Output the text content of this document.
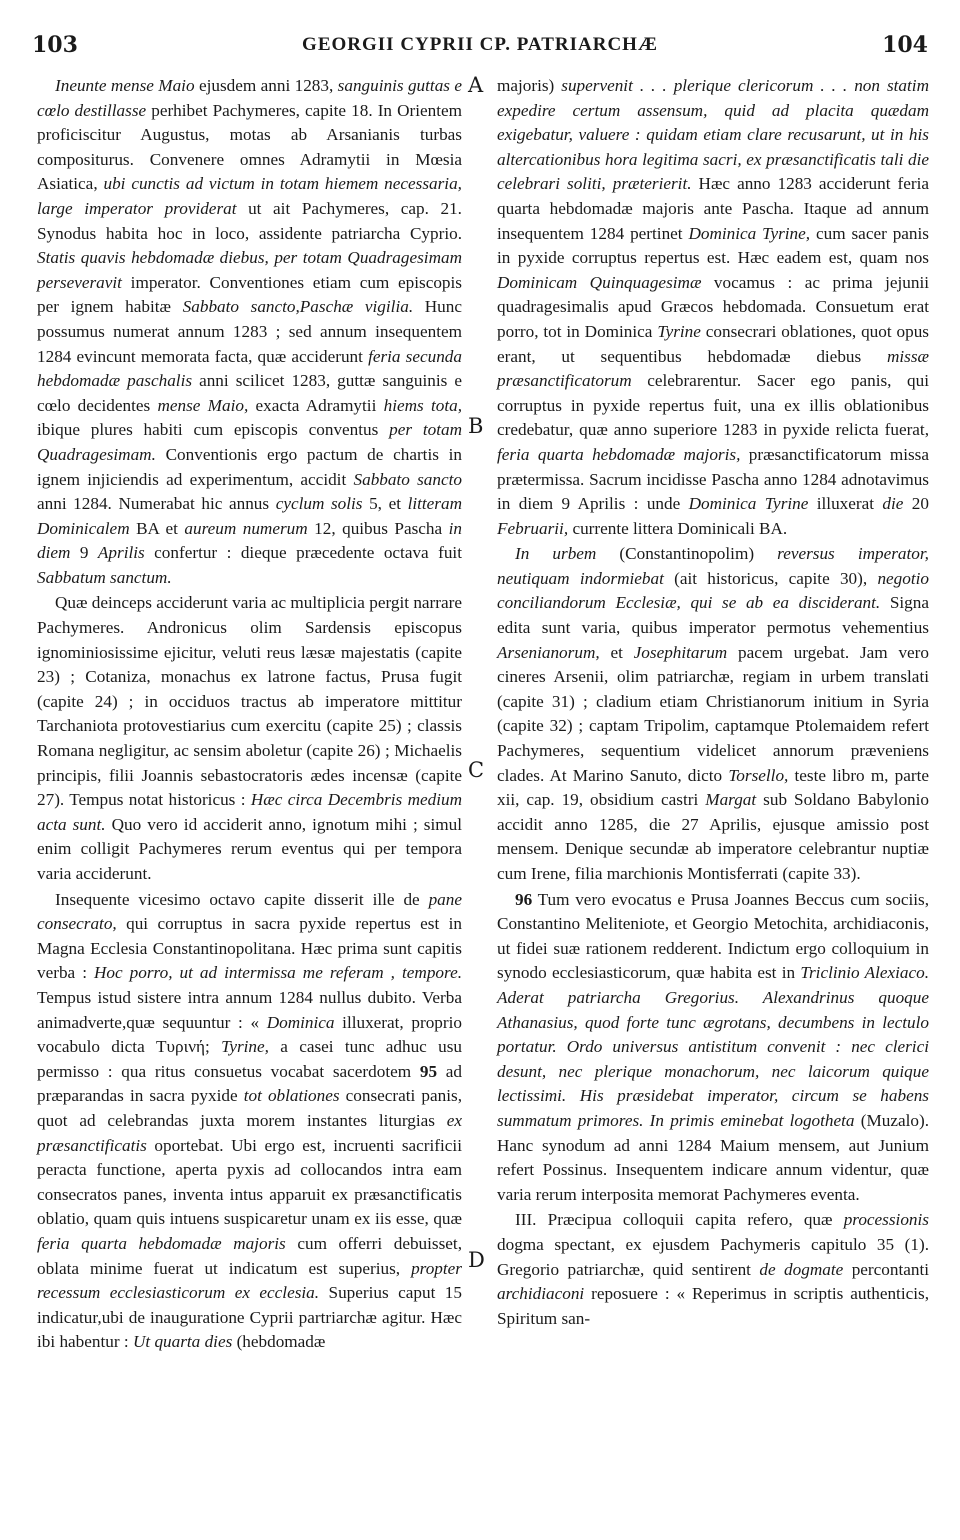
103	GEORGII CYPRII CP. PATRIARCHÆ	104

Ineunte mense Maio ejusdem anni 1283, sanguinis guttas e cœlo destillasse perhibet Pachymeres, capite 18. In Orientem proficiscitur Augustus, motas ab Arsanianis turbas compositurus. Convenere omnes Adramytii in Mœsia Asiatica, ubi cunctis ad victum in totam hiemem necessaria, large imperator providerat ut ait Pachymeres, cap. 21. Synodus habita hoc in loco, assidente patriarcha Cyprio. Statis quavis hebdomadæ diebus, per totam Quadragesimam perseveravit imperator. Conventiones etiam cum episcopis per ignem habitæ Sabbato sancto,Paschæ vigilia. Hunc possumus numerat annum 1283 ; sed annum insequentem 1284 evincunt memorata facta, quæ acciderunt feria secunda hebdomadæ paschalis anni scilicet 1283, guttæ sanguinis e cœlo decidentes mense Maio, exacta Adramytii hiems tota, ibique plures habiti cum episcopis conventus per totam Quadragesimam. Conventionis ergo pactum de chartis in ignem injiciendis ad experimentum, accidit Sabbato sancto anni 1284. Numerabat hic annus cyclum solis 5, et litteram Dominicalem BA et aureum numerum 12, quibus Pascha in diem 9 Aprilis confertur : dieque præcedente octava fuit Sabbatum sanctum.

Quæ deinceps acciderunt varia ac multiplicia pergit narrare Pachymeres. Andronicus olim Sardensis episcopus ignominiosissime ejicitur, veluti reus læsæ majestatis (capite 23) ; Cotaniza, monachus ex latrone factus, Prusa fugit (capite 24) ; in occiduos tractus ab imperatore mittitur Tarchaniota protovestiarius cum exercitu (capite 25) ; classis Romana negligitur, ac sensim aboletur (capite 26) ; Michaelis principis, filii Joannis sebastocratoris ædes incensæ (capite 27). Tempus notat historicus : Hæc circa Decembris medium acta sunt. Quo vero id acciderit anno, ignotum mihi ; simul enim colligit Pachymeres rerum eventus qui per tempora varia acciderunt.

Insequente vicesimo octavo capite disserit ille de pane consecrato, qui corruptus in sacra pyxide repertus est in Magna Ecclesia Constantinopolitana. Hæc prima sunt capitis verba : Hoc porro, ut ad intermissa me referam , tempore. Tempus istud sistere intra annum 1284 nullus dubito. Verba animadverte,quæ sequuntur : « Dominica illuxerat, proprio vocabulo dicta Τυρινή; Tyrine, a casei tunc adhuc usu permisso : qua ritus consuetus vocabat sacerdotem 95 ad præparandas in sacra pyxide tot oblationes consecrati panis, quot ad celebrandas juxta morem instantes liturgias ex præsanctificatis oportebat. Ubi ergo est, incruenti sacrificii peracta functione, aperta pyxis ad collocandos intra eam consecratos panes, inventa intus apparuit ex præsanctificatis oblatio, quam quis intuens suspicaretur unam ex iis esse, quæ feria quarta hebdomadæ majoris cum offerri debuisset, oblata minime fuerat ut indicatum est superius, propter recessum ecclesiasticorum ex ecclesia. Superius caput 15 indicatur,ubi de inauguratione Cyprii partriarchæ agitur. Hæc ibi habentur : Ut quarta dies (hebdomadæ

majoris) supervenit . . . plerique clericorum . . . non statim expedire certum assensum, quid ad placita quædam exigebatur, valuere : quidam etiam clare recusarunt, ut in his altercationibus hora legitima sacri, ex præsanctificatis tali die celebrari soliti, præterierit. Hæc anno 1283 acciderunt feria quarta hebdomadæ majoris ante Pascha. Itaque ad annum insequentem 1284 pertinet Dominica Tyrine, cum sacer panis in pyxide corruptus repertus est. Hæc eadem est, quam nos Dominicam Quinquagesimæ vocamus : ac prima jejunii quadragesimalis apud Græcos hebdomada. Consuetum erat porro, tot in Dominica Tyrine consecrari oblationes, quot opus erant, ut sequentibus hebdomadæ diebus missæ præsanctificatorum celebrarentur. Sacer ego panis, qui corruptus in pyxide repertus fuit, una ex illis oblationibus credebatur, quæ anno superiore 1283 in pyxide relicta fuerat, feria quarta hebdomadæ majoris, præsanctificatorum missa prætermissa. Sacrum incidisse Pascha anno 1284 adnotavimus in diem 9 Aprilis : unde Dominica Tyrine illuxerat die 20 Februarii, currente littera Dominicali BA.

In urbem (Constantinopolim) reversus imperator, neutiquam indormiebat (ait historicus, capite 30), negotio conciliandorum Ecclesiæ, qui se ab ea disciderant. Signa edita sunt varia, quibus imperator permotus vehementius Arsenianorum, et Josephitarum pacem urgebat. Jam vero cineres Arsenii, olim patriarchæ, regiam in urbem translati (capite 31) ; cladium etiam Christianorum initium in Syria (capite 32) ; captam Tripolim, captamque Ptolemaidem refert Pachymeres, sequentium videlicet annorum præveniens clades. At Marino Sanuto, dicto Torsello, teste libro m, parte xii, cap. 19, obsidium castri Margat sub Soldano Babylonio accidit anno 1285, die 27 Aprilis, ejusque amissio post mensem. Denique secundæ ab imperatore celebrantur nuptiæ cum Irene, filia marchionis Montisferrati (capite 33).

96 Tum vero evocatus e Prusa Joannes Beccus cum sociis, Constantino Meliteniote, et Georgio Metochita, archidiaconis, ut fidei suæ rationem redderent. Indictum ergo colloquium in synodo ecclesiasticorum, quæ habita est in Triclinio Alexiaco. Aderat patriarcha Gregorius. Alexandrinus quoque Athanasius, quod forte tunc ægrotans, decumbens in lectulo portatur. Ordo universus antistitum convenit : nec clerici desunt, nec plerique monachorum, nec laicorum quique lectissimi. His præsidebat imperator, circum se habens summatum primores. In primis eminebat logotheta (Muzalo). Hanc synodum ad anni 1284 Maium mensem, aut Junium refert Possinus. Insequentem indicare annum videntur, quæ varia rerum interposita memorat Pachymeres eventa.

III. Præcipua colloquii capita refero, quæ processionis dogma spectant, ex ejusdem Pachymeris capitulo 35 (1). Gregorio patriarchæ, quid sentirent de dogmate percontanti archidiaconi reposuere : « Reperimus in scriptis authenticis, Spiritum san-

A
B
C
D
